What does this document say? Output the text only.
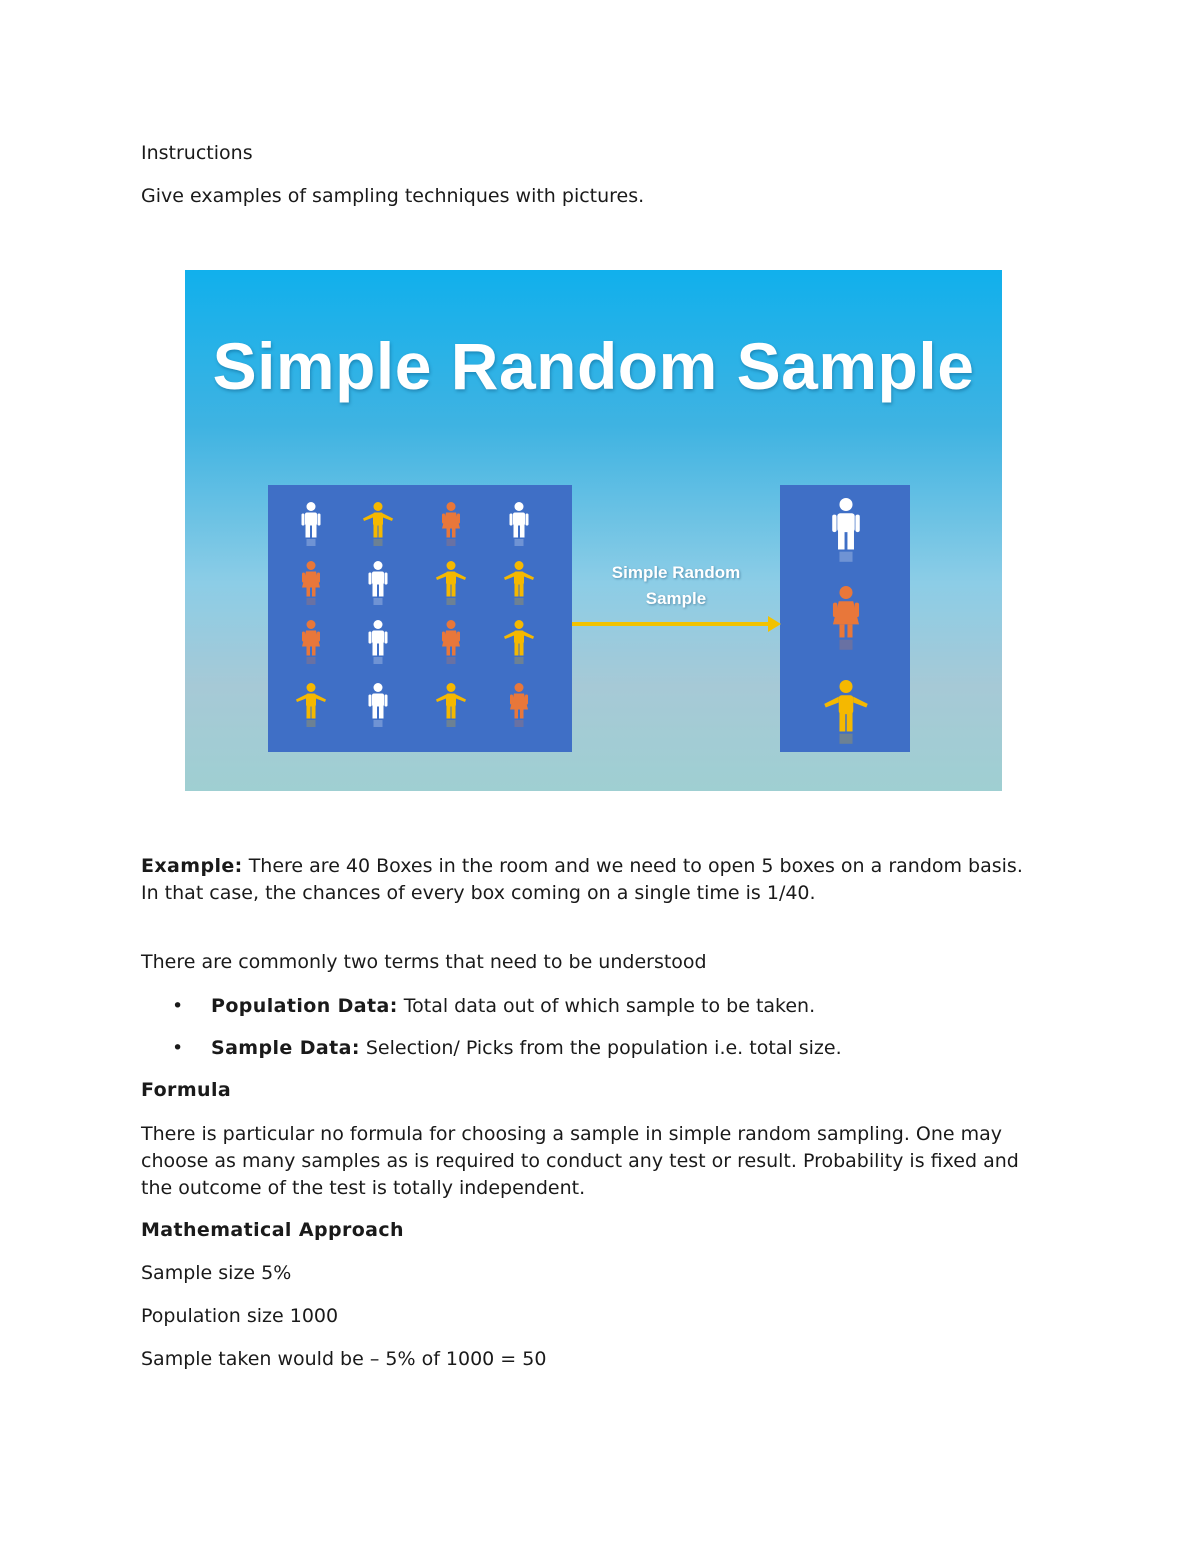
Instructions
Give examples of sampling techniques with pictures.
Simple Random Sample
Simple Random
Sample
Example: There are 40 Boxes in the room and we need to open 5 boxes on a random basis. In that case, the chances of every box coming on a single time is 1/40.
There are commonly two terms that need to be understood
• Population Data: Total data out of which sample to be taken.
• Sample Data: Selection/ Picks from the population i.e. total size.
Formula
There is particular no formula for choosing a sample in simple random sampling. One may choose as many samples as is required to conduct any test or result. Probability is fixed and the outcome of the test is totally independent.
Mathematical Approach
Sample size 5%
Population size 1000
Sample taken would be – 5% of 1000 = 50
